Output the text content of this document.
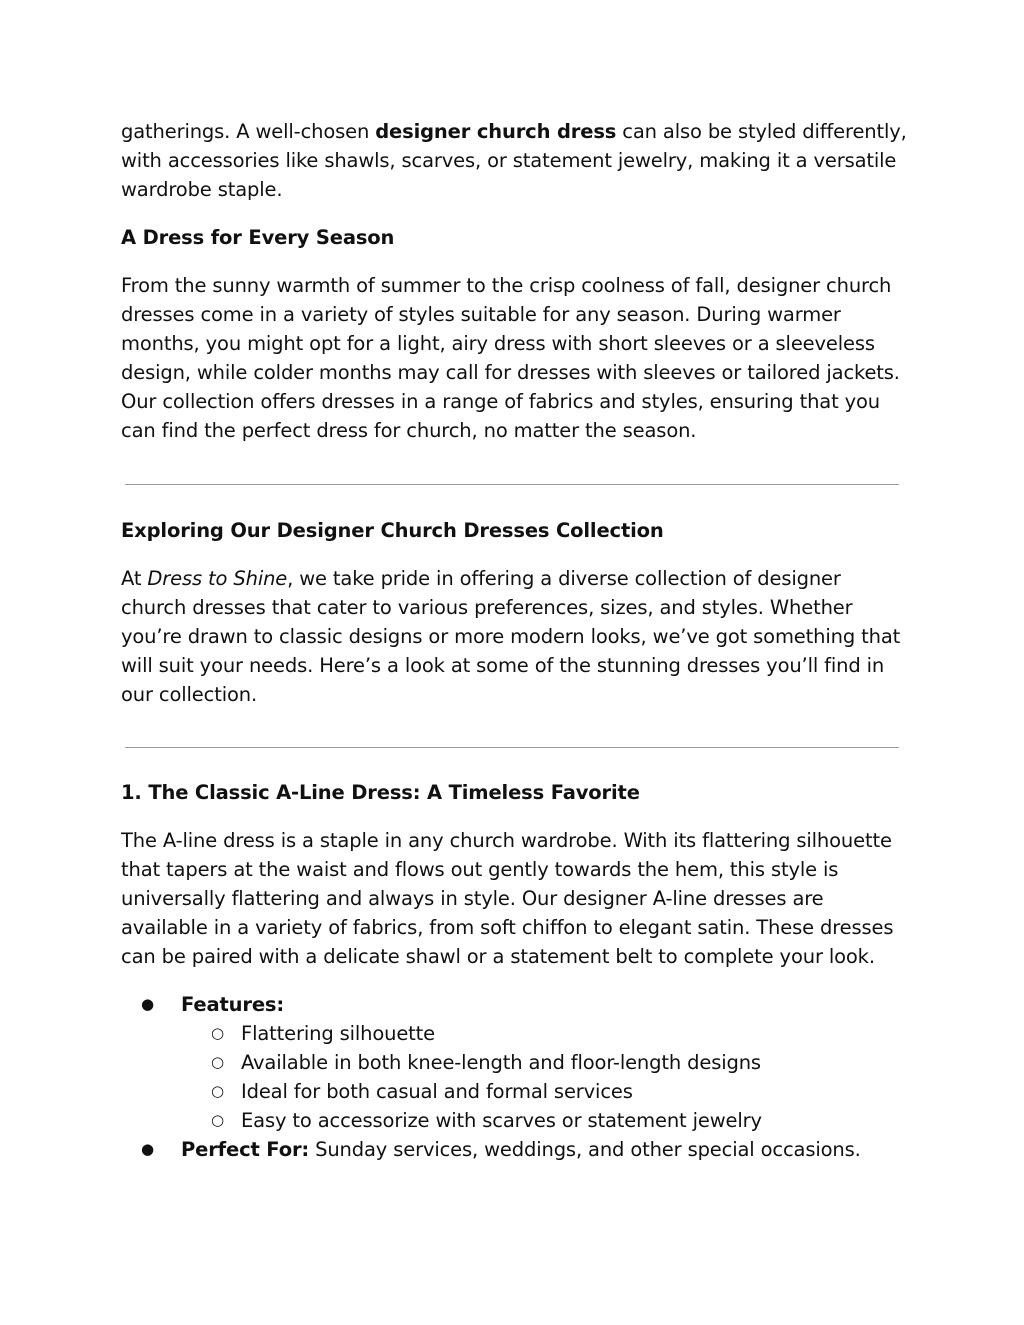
gatherings. A well-chosen designer church dress can also be styled differently, with accessories like shawls, scarves, or statement jewelry, making it a versatile wardrobe staple.

A Dress for Every Season

From the sunny warmth of summer to the crisp coolness of fall, designer church dresses come in a variety of styles suitable for any season. During warmer months, you might opt for a light, airy dress with short sleeves or a sleeveless design, while colder months may call for dresses with sleeves or tailored jackets. Our collection offers dresses in a range of fabrics and styles, ensuring that you can find the perfect dress for church, no matter the season.

Exploring Our Designer Church Dresses Collection

At Dress to Shine, we take pride in offering a diverse collection of designer church dresses that cater to various preferences, sizes, and styles. Whether you’re drawn to classic designs or more modern looks, we’ve got something that will suit your needs. Here’s a look at some of the stunning dresses you’ll find in our collection.

1. The Classic A-Line Dress: A Timeless Favorite

The A-line dress is a staple in any church wardrobe. With its flattering silhouette that tapers at the waist and flows out gently towards the hem, this style is universally flattering and always in style. Our designer A-line dresses are available in a variety of fabrics, from soft chiffon to elegant satin. These dresses can be paired with a delicate shawl or a statement belt to complete your look.

●	Features:
○ Flattering silhouette
○ Available in both knee-length and floor-length designs
○ Ideal for both casual and formal services
○ Easy to accessorize with scarves or statement jewelry
●	Perfect For: Sunday services, weddings, and other special occasions.
